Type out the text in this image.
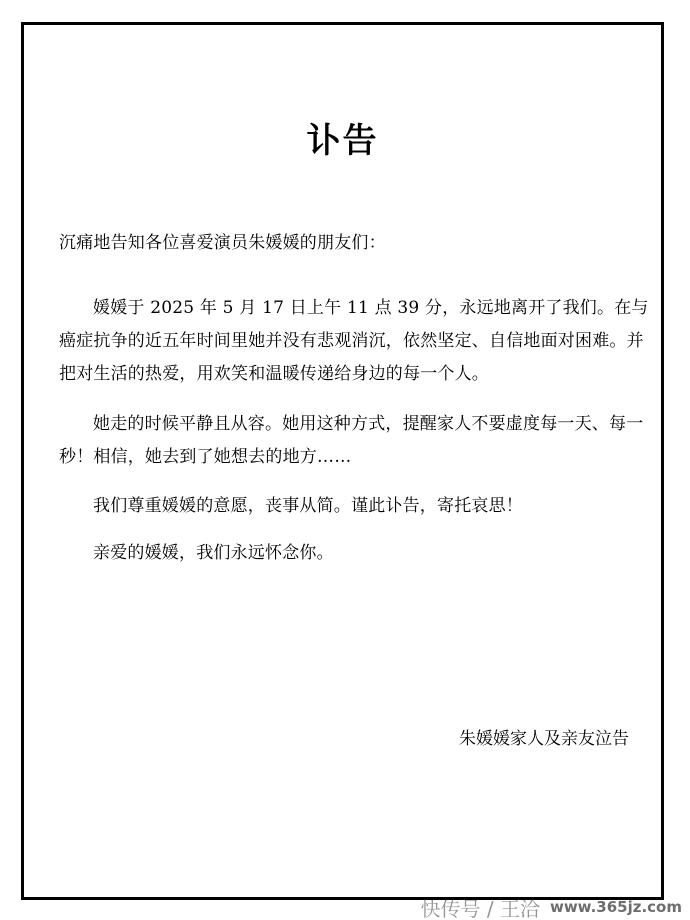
讣告
沉痛地告知各位喜爱演员朱媛媛的朋友们：
媛媛于 2025 年 5 月 17 日上午 11 点 39 分，永远地离开了我们。在与癌症抗争的近五年时间里她并没有悲观消沉，依然坚定、自信地面对困难。并把对生活的热爱，用欢笑和温暖传递给身边的每一个人。
她走的时候平静且从容。她用这种方式，提醒家人不要虚度每一天、每一秒！相信，她去到了她想去的地方……
我们尊重媛媛的意愿，丧事从简。谨此讣告，寄托哀思！
亲爱的媛媛，我们永远怀念你。
朱媛媛家人及亲友泣告
快传号 / 王洽 www.365jz.com
